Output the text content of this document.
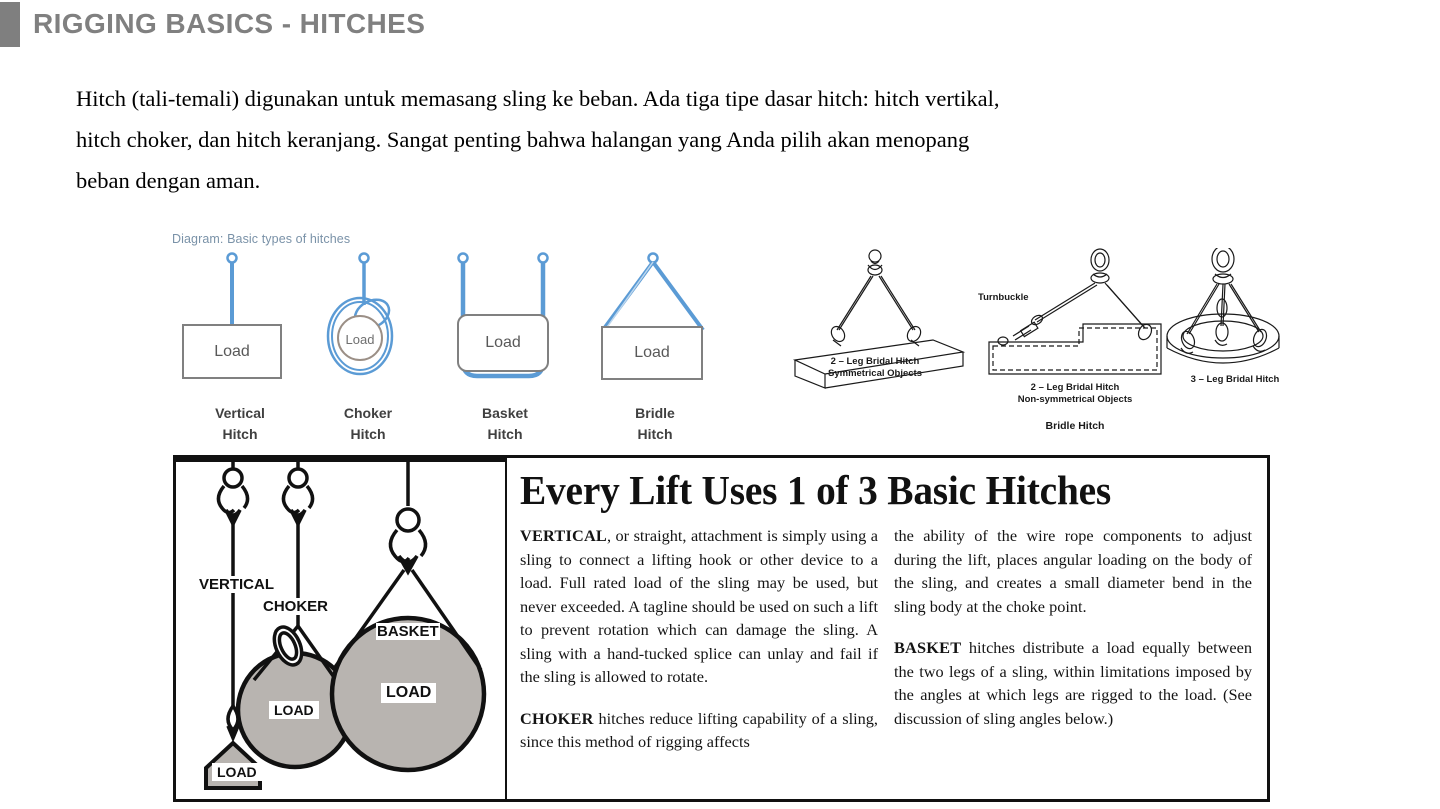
RIGGING BASICS - HITCHES
Hitch (tali-temali) digunakan untuk memasang sling ke beban. Ada tiga tipe dasar hitch: hitch vertikal, hitch choker, dan hitch keranjang. Sangat penting bahwa halangan yang Anda pilih akan menopang beban dengan aman.
Diagram: Basic types of hitches
Load
Vertical
Hitch
Load
Choker
Hitch
Load
Basket
Hitch
Load
Bridle
Hitch
2 – Leg Bridal Hitch
Symmetrical Objects
Turnbuckle
2 – Leg Bridal Hitch
Non-symmetrical Objects
Bridle Hitch
3 – Leg Bridal Hitch
VERTICAL
CHOKER
BASKET
LOAD
LOAD
LOAD
Every Lift Uses 1 of 3 Basic Hitches

VERTICAL, or straight, attachment is simply using a sling to connect a lifting hook or other device to a load. Full rated load of the sling may be used, but never exceeded. A tagline should be used on such a lift to prevent rotation which can damage the sling. A sling with a hand-tucked splice can unlay and fail if the sling is allowed to rotate.

CHOKER hitches reduce lifting capability of a sling, since this method of rigging affects

the ability of the wire rope components to adjust during the lift, places angular loading on the body of the sling, and creates a small diameter bend in the sling body at the choke point.

BASKET hitches distribute a load equally between the two legs of a sling, within limitations imposed by the angles at which legs are rigged to the load. (See discussion of sling angles below.)
